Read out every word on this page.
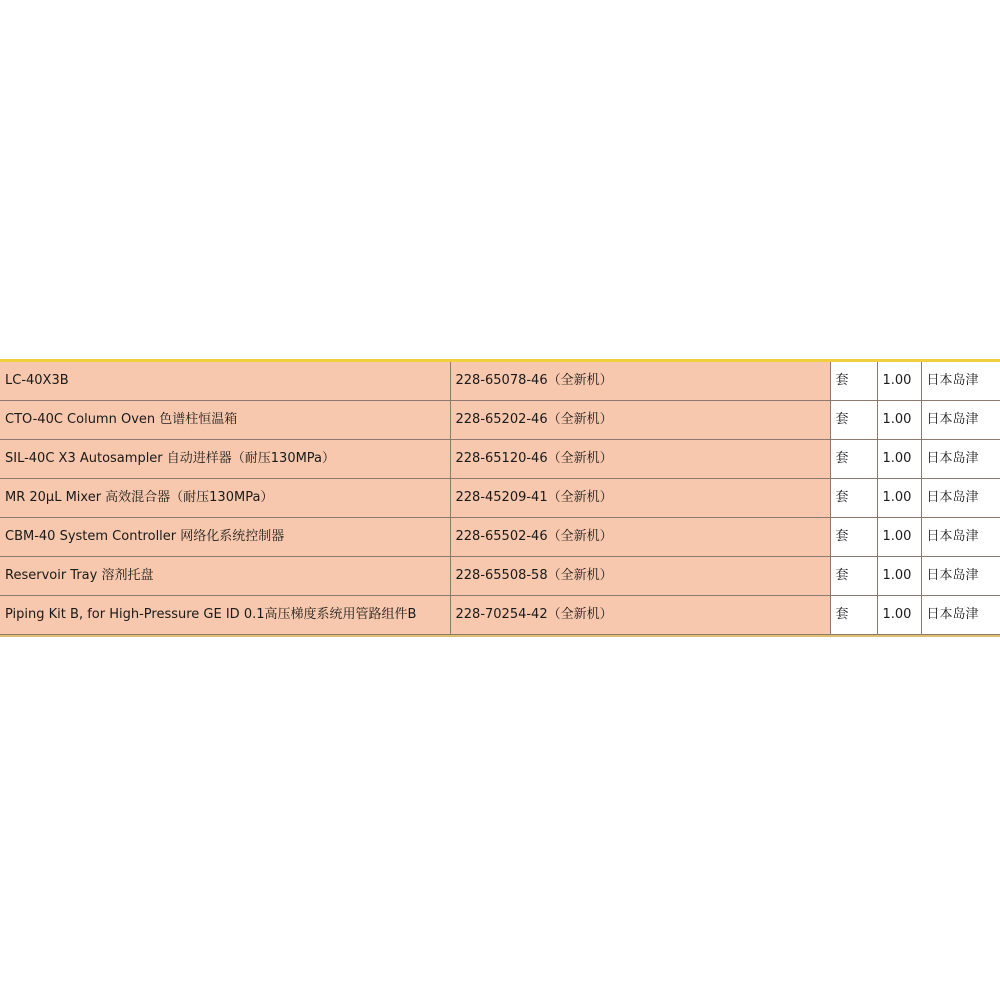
LC-40X3B	228-65078-46（全新机）	套	1.00	日本岛津
CTO-40C Column Oven 色谱柱恒温箱	228-65202-46（全新机）	套	1.00	日本岛津
SIL-40C X3 Autosampler 自动进样器（耐压130MPa）	228-65120-46（全新机）	套	1.00	日本岛津
MR 20μL Mixer 高效混合器（耐压130MPa）	228-45209-41（全新机）	套	1.00	日本岛津
CBM-40 System Controller 网络化系统控制器	228-65502-46（全新机）	套	1.00	日本岛津
Reservoir Tray 溶剂托盘	228-65508-58（全新机）	套	1.00	日本岛津
Piping Kit B, for High-Pressure GE ID 0.1高压梯度系统用管路组件B	228-70254-42（全新机）	套	1.00	日本岛津
